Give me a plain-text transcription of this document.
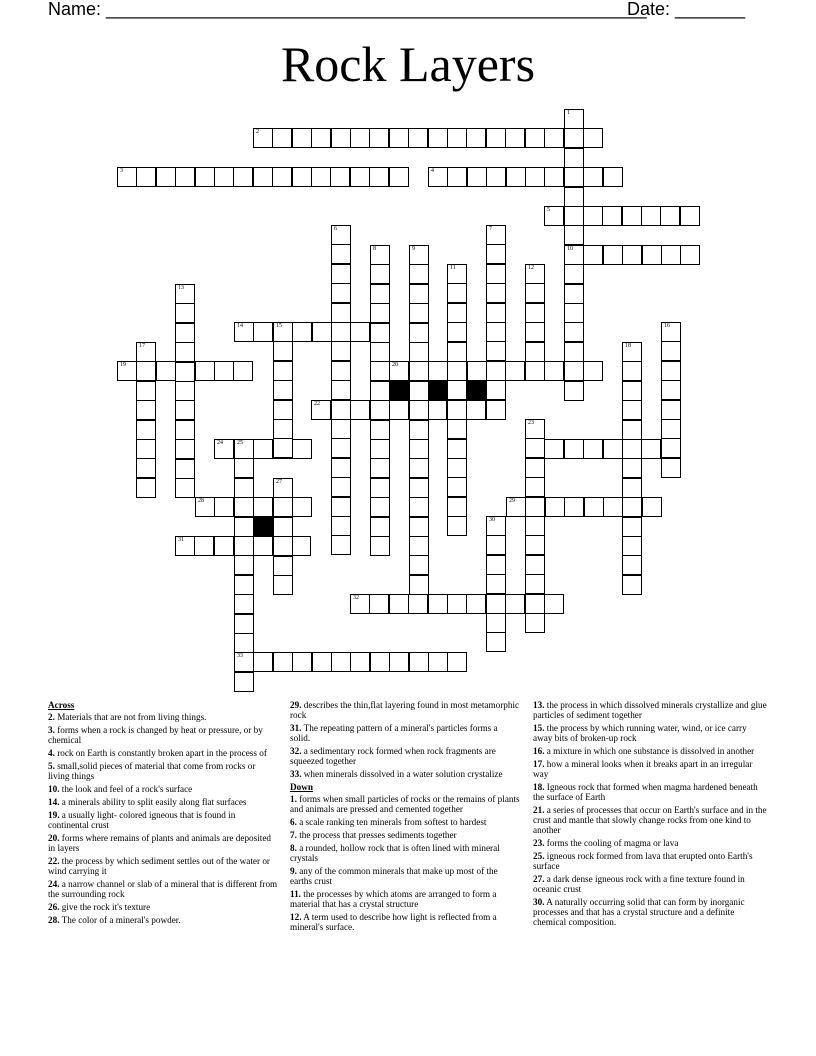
Name: ______________________________________________________
Date: _______
Rock Layers
2
3	4
5
10
14	15
19	20
22
24
28	29
31
32
33
1
6	7
8	9
11	12
13
16
17	18
23
25
27
30
Across
2. Materials that are not from living things.
3. forms when a rock is changed by heat or pressure, or by chemical
4. rock on Earth is constantly broken apart in the process of
5. small,solid pieces of material that come from rocks or living things
10. the look and feel of a rock's surface
14. a minerals ability to split easily along flat surfaces
19. a usually light- colored igneous that is found in continental crust
20. forms where remains of plants and animals are deposited in layers
22. the process by which sediment settles out of the water or wind carrying it
24. a narrow channel or slab of a mineral that is different from the surrounding rock
26. give the rock it's texture
28. The color of a mineral's powder.
29. describes the thin,flat layering found in most metamorphic rock
31. The repeating pattern of a mineral's particles forms a solid.
32. a sedimentary rock formed when rock fragments are squeezed together
33. when minerals dissolved in a water solution crystalize
Down
1. forms when small particles of rocks or the remains of plants and animals are pressed and cemented together
6. a scale ranking ten minerals from softest to hardest
7. the process that presses sediments together
8. a rounded, hollow rock that is often lined with mineral crystals
9. any of the common minerals that make up most of the earths crust
11. the processes by which atoms are arranged to form a material that has a crystal structure
12. A term used to describe how light is reflected from a mineral's surface.
13. the process in which dissolved minerals crystallize and glue particles of sediment together
15. the process by which running water, wind, or ice carry away bits of broken-up rock
16. a mixture in which one substance is dissolved in another
17. how a mineral looks when it breaks apart in an irregular way
18. Igneous rock that formed when magma hardened beneath the surface of Earth
21. a series of processes that occur on Earth's surface and in the crust and mantle that slowly change rocks from one kind to another
23. forms the cooling of magma or lava
25. igneous rock formed from lava that erupted onto Earth's surface
27. a dark dense igneous rock with a fine texture found in oceanic crust
30. A naturally occurring solid that can form by inorganic processes and that has a crystal structure and a definite chemical composition.
